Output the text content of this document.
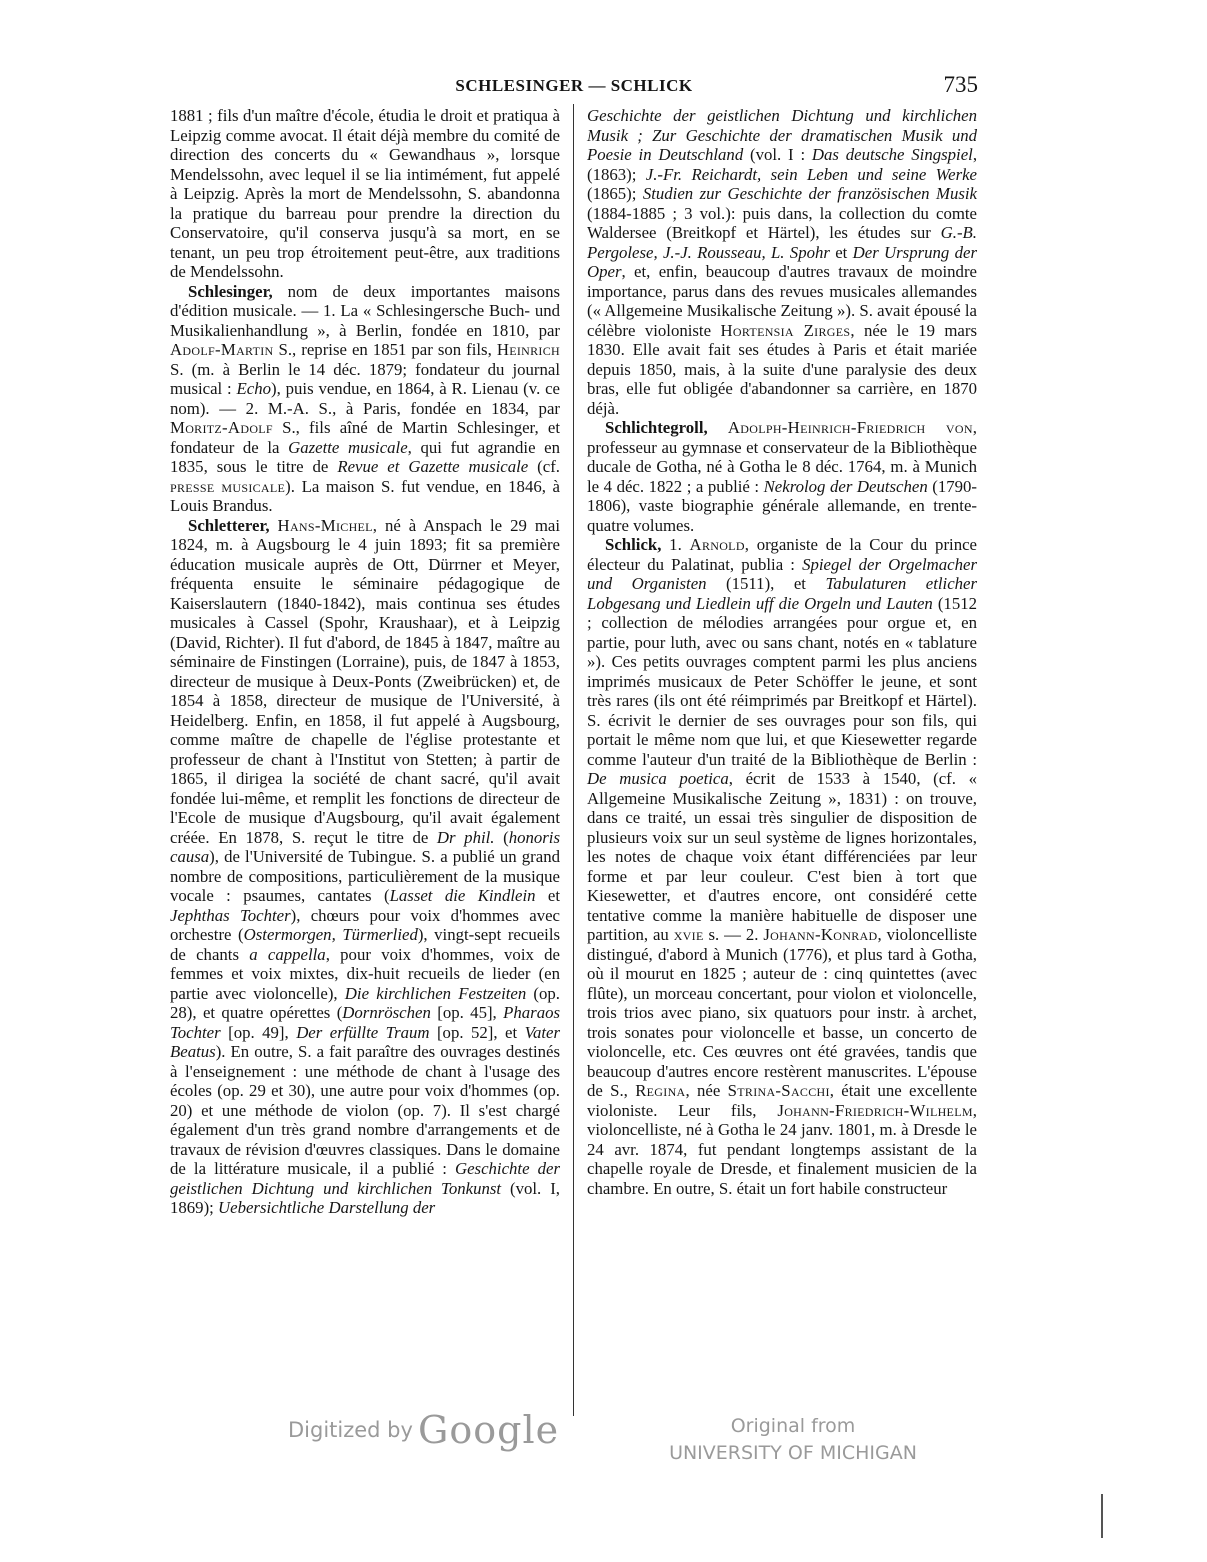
SCHLESINGER — SCHLICK	735

1881 ; fils d'un maître d'école, étudia le droit et pratiqua à Leipzig comme avocat. Il était déjà membre du comité de direction des concerts du « Gewandhaus », lorsque Mendelssohn, avec lequel il se lia intimément, fut appelé à Leipzig. Après la mort de Mendelssohn, S. abandonna la pratique du barreau pour prendre la direction du Conservatoire, qu'il conserva jusqu'à sa mort, en se tenant, un peu trop étroitement peut-être, aux traditions de Mendelssohn.

Schlesinger, nom de deux importantes maisons d'édition musicale. — 1. La « Schlesingersche Buch- und Musikalienhandlung », à Berlin, fondée en 1810, par Adolf-Martin S., reprise en 1851 par son fils, Heinrich S. (m. à Berlin le 14 déc. 1879; fondateur du journal musical : Echo), puis vendue, en 1864, à R. Lienau (v. ce nom). — 2. M.-A. S., à Paris, fondée en 1834, par Moritz-Adolf S., fils aîné de Martin Schlesinger, et fondateur de la Gazette musicale, qui fut agrandie en 1835, sous le titre de Revue et Gazette musicale (cf. presse musicale). La maison S. fut vendue, en 1846, à Louis Brandus.

Schletterer, Hans-Michel, né à Anspach le 29 mai 1824, m. à Augsbourg le 4 juin 1893; fit sa première éducation musicale auprès de Ott, Dürrner et Meyer, fréquenta ensuite le séminaire pédagogique de Kaiserslautern (1840-1842), mais continua ses études musicales à Cassel (Spohr, Kraushaar), et à Leipzig (David, Richter). Il fut d'abord, de 1845 à 1847, maître au séminaire de Finstingen (Lorraine), puis, de 1847 à 1853, directeur de musique à Deux-Ponts (Zweibrücken) et, de 1854 à 1858, directeur de musique de l'Université, à Heidelberg. Enfin, en 1858, il fut appelé à Augsbourg, comme maître de chapelle de l'église protestante et professeur de chant à l'Institut von Stetten; à partir de 1865, il dirigea la société de chant sacré, qu'il avait fondée lui-même, et remplit les fonctions de directeur de l'Ecole de musique d'Augsbourg, qu'il avait également créée. En 1878, S. reçut le titre de Dr phil. (honoris causa), de l'Université de Tubingue. S. a publié un grand nombre de compositions, particulièrement de la musique vocale : psaumes, cantates (Lasset die Kindlein et Jephthas Tochter), chœurs pour voix d'hommes avec orchestre (Ostermorgen, Türmerlied), vingt-sept recueils de chants a cappella, pour voix d'hommes, voix de femmes et voix mixtes, dix-huit recueils de lieder (en partie avec violoncelle), Die kirchlichen Festzeiten (op. 28), et quatre opérettes (Dornröschen [op. 45], Pharaos Tochter [op. 49], Der erfüllte Traum [op. 52], et Vater Beatus). En outre, S. a fait paraître des ouvrages destinés à l'enseignement : une méthode de chant à l'usage des écoles (op. 29 et 30), une autre pour voix d'hommes (op. 20) et une méthode de violon (op. 7). Il s'est chargé également d'un très grand nombre d'arrangements et de travaux de révision d'œuvres classiques. Dans le domaine de la littérature musicale, il a publié : Geschichte der geistlichen Dichtung und kirchlichen Tonkunst (vol. I, 1869); Uebersichtliche Darstellung der

Geschichte der geistlichen Dichtung und kirchlichen Musik ; Zur Geschichte der dramatischen Musik und Poesie in Deutschland (vol. I : Das deutsche Singspiel, (1863); J.-Fr. Reichardt, sein Leben und seine Werke (1865); Studien zur Geschichte der französischen Musik (1884-1885 ; 3 vol.): puis dans, la collection du comte Waldersee (Breitkopf et Härtel), les études sur G.-B. Pergolese, J.-J. Rousseau, L. Spohr et Der Ursprung der Oper, et, enfin, beaucoup d'autres travaux de moindre importance, parus dans des revues musicales allemandes (« Allgemeine Musikalische Zeitung »). S. avait épousé la célèbre violoniste Hortensia Zirges, née le 19 mars 1830. Elle avait fait ses études à Paris et était mariée depuis 1850, mais, à la suite d'une paralysie des deux bras, elle fut obligée d'abandonner sa carrière, en 1870 déjà.

Schlichtegroll, Adolph-Heinrich-Friedrich von, professeur au gymnase et conservateur de la Bibliothèque ducale de Gotha, né à Gotha le 8 déc. 1764, m. à Munich le 4 déc. 1822 ; a publié : Nekrolog der Deutschen (1790-1806), vaste biographie générale allemande, en trente-quatre volumes.

Schlick, 1. Arnold, organiste de la Cour du prince électeur du Palatinat, publia : Spiegel der Orgelmacher und Organisten (1511), et Tabulaturen etlicher Lobgesang und Liedlein uff die Orgeln und Lauten (1512 ; collection de mélodies arrangées pour orgue et, en partie, pour luth, avec ou sans chant, notés en « tablature »). Ces petits ouvrages comptent parmi les plus anciens imprimés musicaux de Peter Schöffer le jeune, et sont très rares (ils ont été réimprimés par Breitkopf et Härtel). S. écrivit le dernier de ses ouvrages pour son fils, qui portait le même nom que lui, et que Kiesewetter regarde comme l'auteur d'un traité de la Bibliothèque de Berlin : De musica poetica, écrit de 1533 à 1540, (cf. « Allgemeine Musikalische Zeitung », 1831) : on trouve, dans ce traité, un essai très singulier de disposition de plusieurs voix sur un seul système de lignes horizontales, les notes de chaque voix étant différenciées par leur forme et par leur couleur. C'est bien à tort que Kiesewetter, et d'autres encore, ont considéré cette tentative comme la manière habituelle de disposer une partition, au xvie s. — 2. Johann-Konrad, violoncelliste distingué, d'abord à Munich (1776), et plus tard à Gotha, où il mourut en 1825 ; auteur de : cinq quintettes (avec flûte), un morceau concertant, pour violon et violoncelle, trois trios avec piano, six quatuors pour instr. à archet, trois sonates pour violoncelle et basse, un concerto de violoncelle, etc. Ces œuvres ont été gravées, tandis que beaucoup d'autres encore restèrent manuscrites. L'épouse de S., Regina, née Strina-Sacchi, était une excellente violoniste. Leur fils, Johann-Friedrich-Wilhelm, violoncelliste, né à Gotha le 24 janv. 1801, m. à Dresde le 24 avr. 1874, fut pendant longtemps assistant de la chapelle royale de Dresde, et finalement musicien de la chambre. En outre, S. était un fort habile constructeur

Digitized by Google	Original from
UNIVERSITY OF MICHIGAN
